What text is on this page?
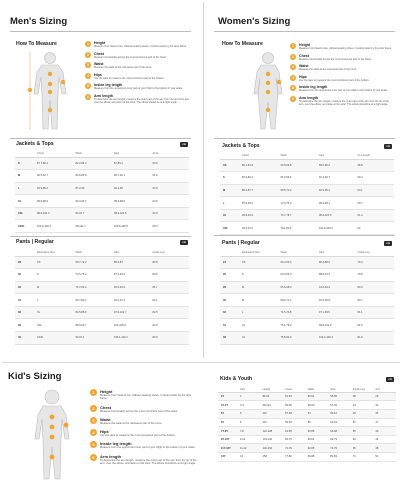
Men's Sizing
How To Measure	1	Height
Measure from head to toe, without wearing shoes. It works better by the door frame.
2	Chest
Measure horizontally across the most prominent part of the chest.
3	Waist
Measure the waist at the narrowest part of the torso.
4	Hips
Use the tape to measure the most prominent part of the bottom.
5	Inside leg length
Measure from the uppermost inner part of your thigh to the bottom of your ankle.
6	Arm length
To determine the arm length, measure the outer part of the arm from the tip of the arm, over the elbow, and down to the wrist. The elbow should be at a right angle.
Jackets & Tops	cm
	Chest	Waist	Hips	Arms
S	87.7-90.2	82.2-84.3	87-89.4	60.9
M	90.5-92.7	84.6-86.9	89.7-92.1	61.9
L	92.9-95.2	87.2-90	92.4-95	62.9
XL	95.5-98.3	90.3-93.7	95.3-98.6	63.9
XXL	98.6-102.3	94-97.7	98.9-102.5	64.9
XXXL	102.6-106.3	98-101.7	102.8-106.5	65.9
Pants | Regular	cm
	Equivalent Size	Waist	Hips	Inside Leg
28	XS	68.7-72.2	85.6-87	80.5
30	S	72.5-76.4	87.3-90.2	80.9
32	M	76.7-80.4	90.5-93.9	81.7
34	L	80.7-84.2	94.2-97.3	82.1
36	XL	84.5-88.6	97.6-101.7	82.5
38	XXL	88.9-92.7	102-105.8	82.9
40	XXXL	93-97.1	106.1-110.2	83.3
Women's Sizing
How To Measure	1	Height
Measure from head to toe, without wearing shoes. It works better by the door frame.
2	Chest
Measure horizontally across the most prominent part of the chest.
3	Waist
Measure the waist at the narrowest part of the torso.
4	Hips
Use the tape to measure the most prominent part of the bottom.
5	Inside leg length
Measure from the uppermost inner part of your thigh to the bottom of your ankle.
6	Arm length
To determine the arm length, measure the outer part of the arm from the tip of the arm, over the elbow, and down to the wrist. The elbow should be at a right angle.
Jackets & Tops	cm
	Chest	Waist	Hips	Arm length
XS	80.1-81.6	63.5-66.8	89.6-90.2	58.8
S	82.9-84.4	66.3-69.6	91.2-92.7	59.4
M	85.2-87.7	69.5-72.2	92.9-95.1	60.1
L	87.5-90.5	72.5-75.4	95.3-98.1	60.7
XL	90.8-93.9	75.7-78.7	98.4-101.5	61.4
XXL	94.3-97.6	79.1-82.5	101.8-105.4	62
Pants | Regular	cm
	Equivalent Size	Waist	Hips	Inside Leg
24	XS	60.2-63.4	86.4-88.6	79.4
26	S	63.6-65.3	88.8-91.4	79.8
28	M	65.6-68.3	91.6-94.2	80.3
30	M	68.6-71.2	94.5-96.8	80.7
32	L	71.5-74.8	97.1-99.5	81.1
34	XL	75.1-78.2	99.8-102.9	81.5
36	XL	78.5-82.4	103.2-106.4	81.9
Kid's Sizing
1	Height
Measure from head to toe, without wearing shoes. It works better by the door frame.
2	Chest
Measure horizontally across the most prominent part of the chest.
3	Waist
Measure the waist at the narrowest part of the torso.
4	Hips
Use the tape to measure the most prominent part of the bottom.
5	Inside leg length
Measure from the uppermost inner part of your thigh to the bottom of your ankle.
6	Arm length
To determine the arm length, measure the outer part of the arm from the tip of the arm, over the elbow, and down to the wrist. The elbow should be at a right angle.
Kids & Youth	cm
	Size	Height	Chest	Waist	Hips	Inside Leg	Arm
2Y	2	86-92	52-53	50-51	53-55	38	29
3Y-4Y	3-4	98-104	54-56	52-53	57-59	44	32
5Y	5	110	57-58	54	60-61	48	35
6Y	6	116	59-60	55	62-63	51	37
7Y-8Y	7-8	122-128	61-65	56-58	64-68	55	40
9Y-10Y	9-10	134-140	66-70	59-61	69-73	60	44
11Y-12Y	11-12	146-152	71-76	62-65	74-79	66	48
13Y	13	158	77-80	66-68	80-83	71	52
